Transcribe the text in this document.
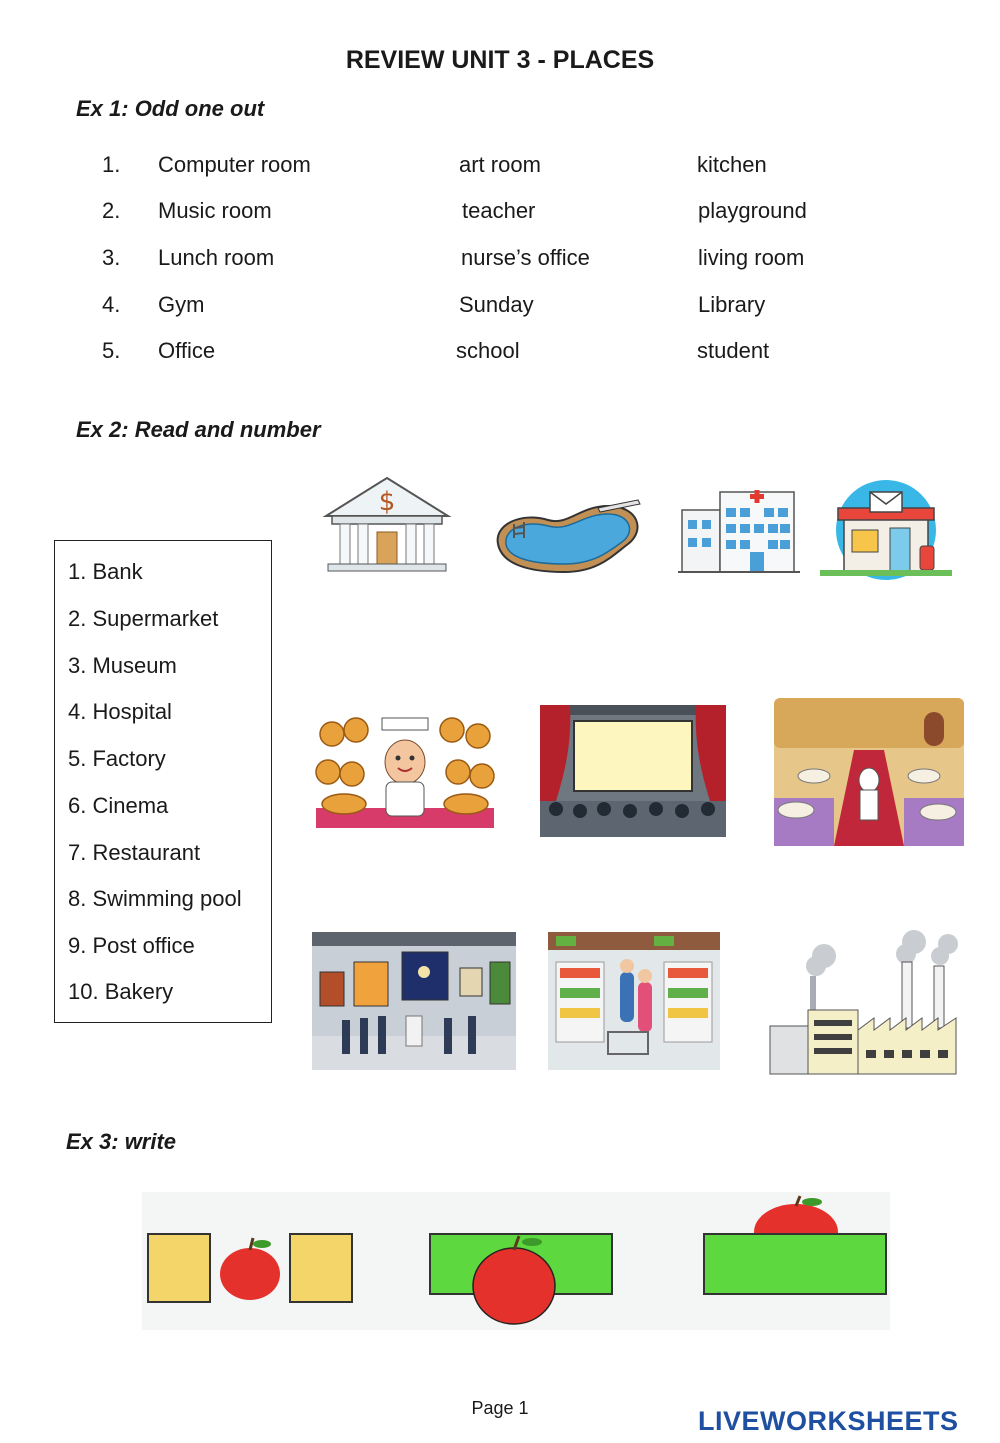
REVIEW UNIT 3 - PLACES
Ex 1: Odd one out
1. Computer room	art room	kitchen
2. Music room	teacher	playground
3. Lunch room	nurse’s office	living room
4. Gym	Sunday	Library
5. Office	school	student
Ex 2: Read and number
1. Bank
2. Supermarket
3. Museum
4. Hospital
5. Factory
6. Cinema
7. Restaurant
8. Swimming pool
9. Post office
10. Bakery
$
Ex 3: write
Page 1	LIVEWORKSHEETS
